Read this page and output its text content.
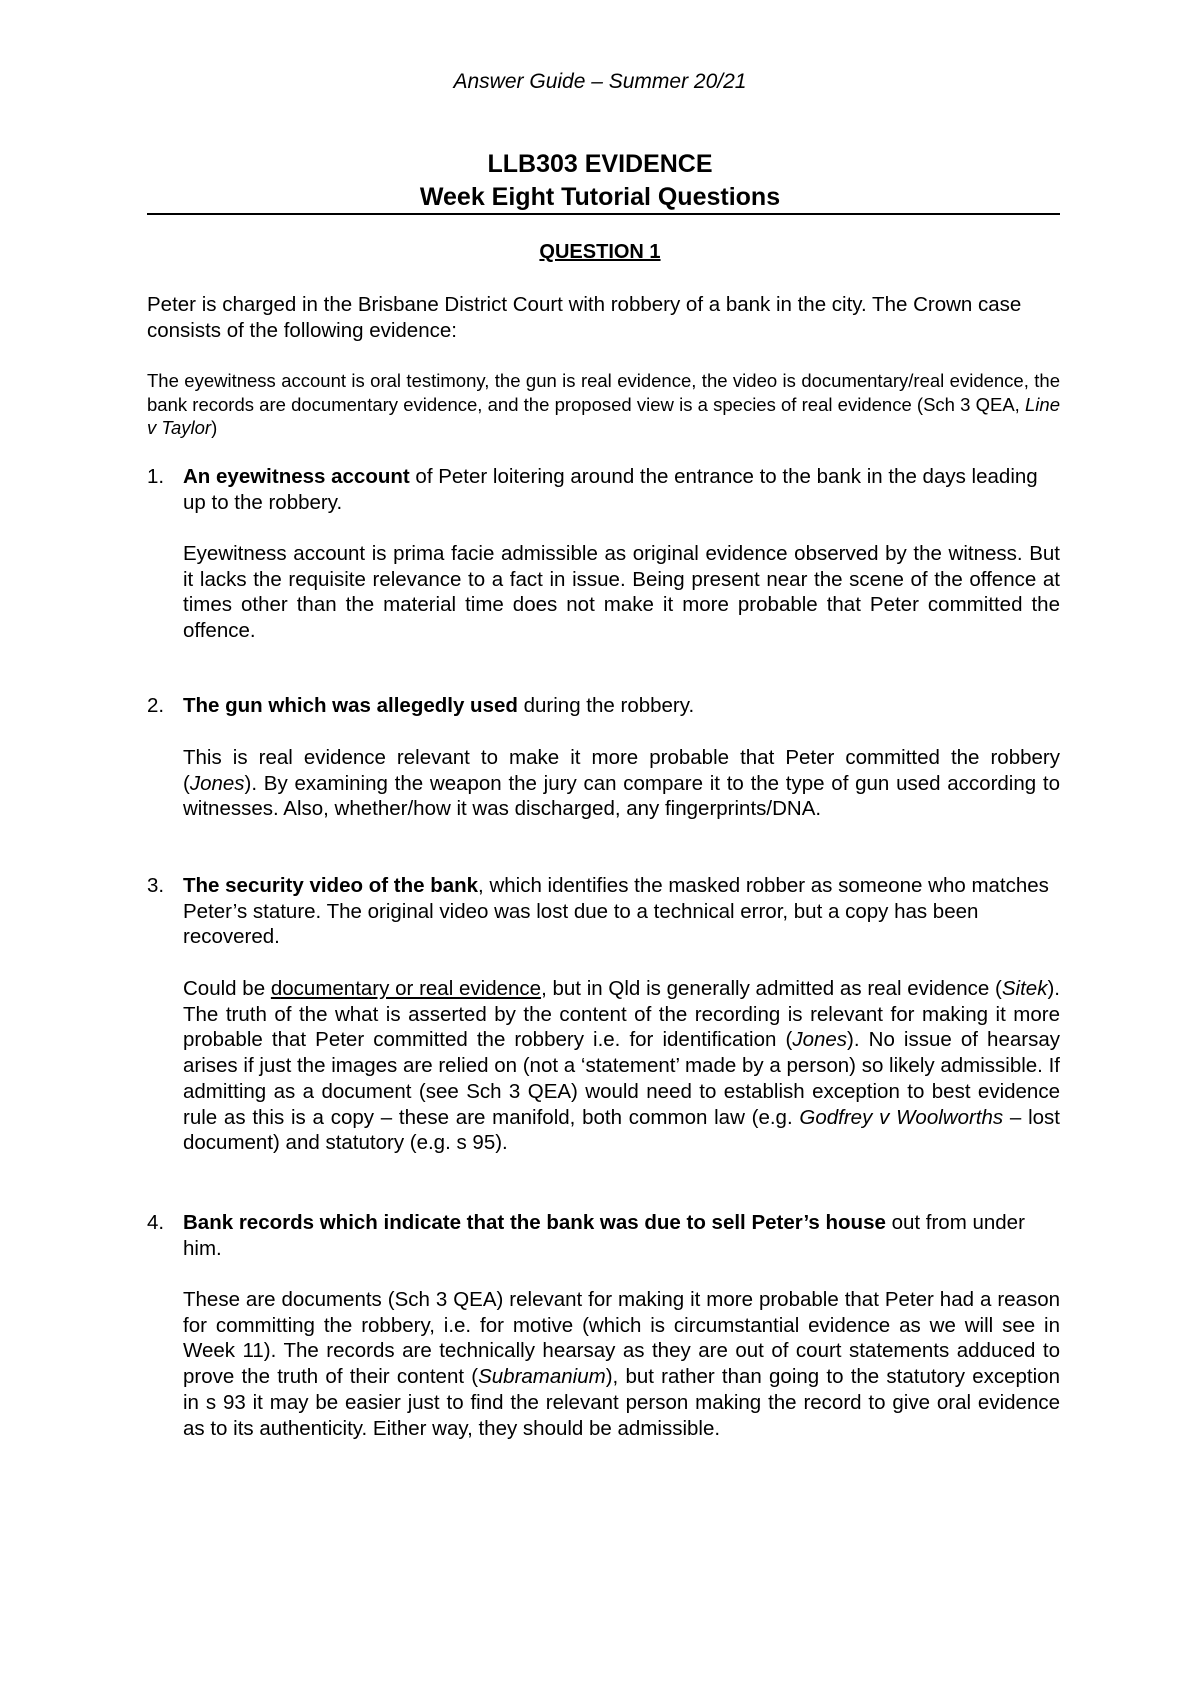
Answer Guide – Summer 20/21
LLB303 EVIDENCE
Week Eight Tutorial Questions
QUESTION 1
Peter is charged in the Brisbane District Court with robbery of a bank in the city. The Crown case consists of the following evidence:
The eyewitness account is oral testimony, the gun is real evidence, the video is documentary/real evidence, the bank records are documentary evidence, and the proposed view is a species of real evidence (Sch 3 QEA, Line v Taylor)
1. An eyewitness account of Peter loitering around the entrance to the bank in the days leading up to the robbery.
Eyewitness account is prima facie admissible as original evidence observed by the witness. But it lacks the requisite relevance to a fact in issue. Being present near the scene of the offence at times other than the material time does not make it more probable that Peter committed the offence.
2. The gun which was allegedly used during the robbery.
This is real evidence relevant to make it more probable that Peter committed the robbery (Jones). By examining the weapon the jury can compare it to the type of gun used according to witnesses. Also, whether/how it was discharged, any fingerprints/DNA.
3. The security video of the bank, which identifies the masked robber as someone who matches Peter’s stature. The original video was lost due to a technical error, but a copy has been recovered.
Could be documentary or real evidence, but in Qld is generally admitted as real evidence (Sitek). The truth of the what is asserted by the content of the recording is relevant for making it more probable that Peter committed the robbery i.e. for identification (Jones). No issue of hearsay arises if just the images are relied on (not a ‘statement’ made by a person) so likely admissible. If admitting as a document (see Sch 3 QEA) would need to establish exception to best evidence rule as this is a copy – these are manifold, both common law (e.g. Godfrey v Woolworths – lost document) and statutory (e.g. s 95).
4. Bank records which indicate that the bank was due to sell Peter’s house out from under him.
These are documents (Sch 3 QEA) relevant for making it more probable that Peter had a reason for committing the robbery, i.e. for motive (which is circumstantial evidence as we will see in Week 11). The records are technically hearsay as they are out of court statements adduced to prove the truth of their content (Subramanium), but rather than going to the statutory exception in s 93 it may be easier just to find the relevant person making the record to give oral evidence as to its authenticity. Either way, they should be admissible.
